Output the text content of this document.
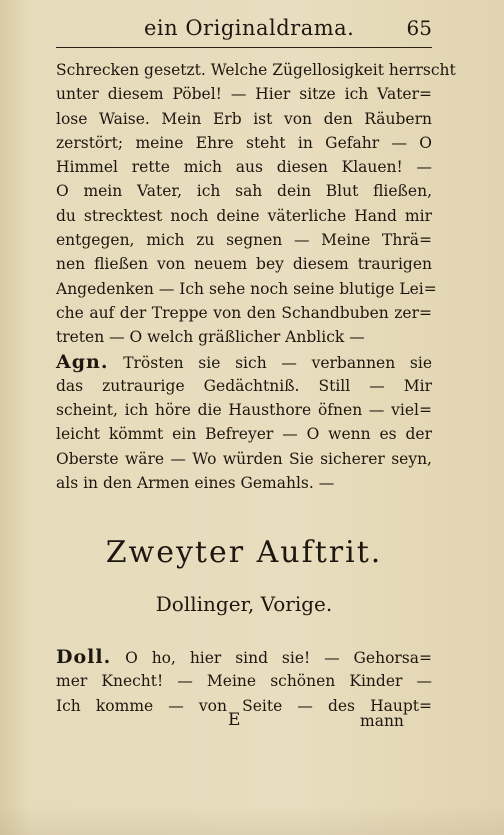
ein Originaldrama.	65
Schrecken gesetzt. Welche Zügellosigkeit herrscht
unter diesem Pöbel! — Hier sitze ich Vater=
lose Waise. Mein Erb ist von den Räubern
zerstört; meine Ehre steht in Gefahr — O
Himmel rette mich aus diesen Klauen! —
O mein Vater, ich sah dein Blut fließen,
du strecktest noch deine väterliche Hand mir
entgegen, mich zu segnen — Meine Thrä=
nen fließen von neuem bey diesem traurigen
Angedenken — Ich sehe noch seine blutige Lei=
che auf der Treppe von den Schandbuben zer=
treten — O welch gräßlicher Anblick —
Agn. Trösten sie sich — verbannen sie
das zutraurige Gedächtniß. Still — Mir
scheint, ich höre die Hausthore öfnen — viel=
leicht kömmt ein Befreyer — O wenn es der
Oberste wäre — Wo würden Sie sicherer seyn,
als in den Armen eines Gemahls. —
Zweyter Auftrit.
Dollinger, Vorige.
Doll. O ho, hier sind sie! — Gehorsa=
mer Knecht! — Meine schönen Kinder —
Ich komme — von Seite — des Haupt=
E	mann
